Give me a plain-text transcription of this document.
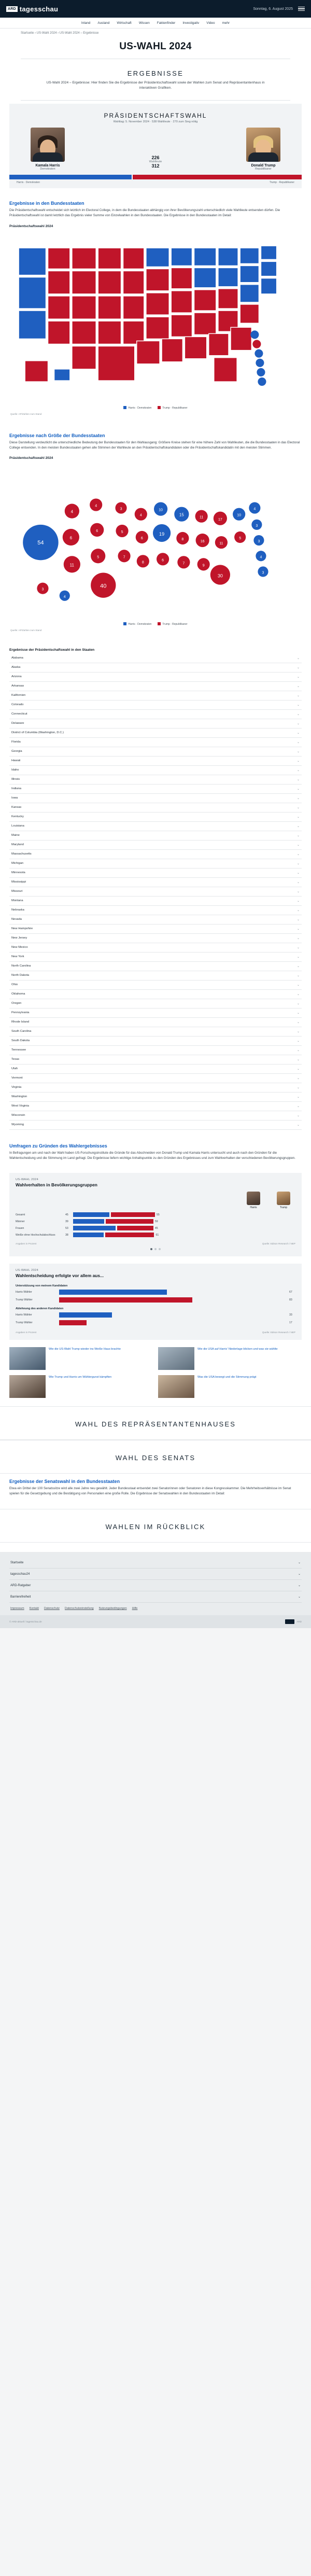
ARD tagesschau	Sonntag, 6. August 2025
Inland Ausland Wirtschaft Wissen Faktenfinder Investigativ Video mehr
Startseite › US-Wahl 2024 › US-Wahl 2024 – Ergebnisse
US-WAHL 2024
ERGEBNISSE
US-Wahl 2024 – Ergebnisse: Hier finden Sie die Ergebnisse der Präsidentschaftswahl sowie der Wahlen zum Senat und Repräsentantenhaus in interaktiven Grafiken.
PRÄSIDENTSCHAFTSWAHL
Wahltag: 5. November 2024 · 538 Wahlleute · 270 zum Sieg nötig
Kamala Harris
Demokraten
226
Wahlleute
312	Donald Trump
Republikaner
Harris · Demokraten	Trump · Republikaner
Ergebnisse in den Bundesstaaten
Die Präsidentschaftswahl entscheidet sich letztlich im Electoral College, in dem die Bundesstaaten abhängig von ihrer Bevölkerungszahl unterschiedlich viele Wahlleute entsenden dürfen. Die Präsidentschaftswahl ist damit letztlich das Ergebnis vieler Summe von Einzelwahlen in den Bundesstaaten. Die Ergebnisse in den Bundesstaaten im Detail:
Präsidentschaftswahl 2024
Harris · Demokraten	Trump · Republikaner
Quelle: AP/Zahlen zum Stand
Ergebnisse nach Größe der Bundesstaaten
Diese Darstellung verdeutlicht die unterschiedliche Bedeutung der Bundesstaaten für den Wahlausgang: Größere Kreise stehen für eine höhere Zahl von Wahlleuten, die die Bundesstaaten in das Electoral College entsenden. In den meisten Bundesstaaten gehen alle Stimmen der Wahlleute an den Präsidentschaftskandidaten oder die Präsidentschaftskandidatin mit den meisten Stimmen.
Präsidentschaftswahl 2024
54
4
6
11
4
6
5
40
3
5
7
4
6
8
10
19
6
15
8
7
11
16
9
17
11
30
10
5
4
3
3
4
3
3
4
Harris · Demokraten	Trump · Republikaner
Quelle: AP/Zahlen zum Stand
Ergebnisse der Präsidentschaftswahl in den Staaten
Alabama	⌄
Alaska	⌄
Arizona	⌄
Arkansas	⌄
Kalifornien	⌄
Colorado	⌄
Connecticut	⌄
Delaware	⌄
District of Columbia (Washington, D.C.)	⌄
Florida	⌄
Georgia	⌄
Hawaii	⌄
Idaho	⌄
Illinois	⌄
Indiana	⌄
Iowa	⌄
Kansas	⌄
Kentucky	⌄
Louisiana	⌄
Maine	⌄
Maryland	⌄
Massachusetts	⌄
Michigan	⌄
Minnesota	⌄
Mississippi	⌄
Missouri	⌄
Montana	⌄
Nebraska	⌄
Nevada	⌄
New Hampshire	⌄
New Jersey	⌄
New Mexico	⌄
New York	⌄
North Carolina	⌄
North Dakota	⌄
Ohio	⌄
Oklahoma	⌄
Oregon	⌄
Pennsylvania	⌄
Rhode Island	⌄
South Carolina	⌄
South Dakota	⌄
Tennessee	⌄
Texas	⌄
Utah	⌄
Vermont	⌄
Virginia	⌄
Washington	⌄
West Virginia	⌄
Wisconsin	⌄
Wyoming	⌄
Umfragen zu Gründen des Wahlergebnisses
In Befragungen am und nach der Wahl haben US-Forschungsinstitute die Gründe für das Abschneiden von Donald Trump und Kamala Harris untersucht und auch nach den Gründen für die Wahlentscheidung und die Stimmung im Land gefragt. Die Ergebnisse liefern wichtige Anhaltspunkte zu den Gründen des Ergebnisses und zum Wahlverhalten der verschiedenen Bevölkerungsgruppen.
US-WAHL 2024
Wahlverhalten in Bevölkerungsgruppen
Harris	Trump
Gesamt	45	55
Männer	39	59
Frauen	53	45
Weiße ohne Hochschulabschluss	38	61
Angaben in Prozent	Quelle: Edison Research / NEP
US-WAHL 2024
Wahlentscheidung erfolgte vor allem aus...
Unterstützung von meinem Kandidaten
Harris Wähler	67
Trump Wähler	83
Ablehnung des anderen Kandidaten
Harris Wähler	33
Trump Wähler	17
Angaben in Prozent	Quelle: Edison Research / NEP
Wie die US-Wahl Trump wieder ins Weiße Haus brachte	Wie die USA auf Harris' Niederlage blicken und was sie wählte
Wie Trump und Harris um Wählergunst kämpften	Was die USA bewegt und die Stimmung prägt
WAHL DES REPRÄSENTANTENHAUSES
WAHL DES SENATS
Ergebnisse der Senatswahl in den Bundesstaaten
Etwa ein Drittel der 100 Senatssitze wird alle zwei Jahre neu gewählt. Jeder Bundesstaat entsendet zwei Senatorinnen oder Senatoren in diese Kongresskammer. Die Mehrheitsverhältnisse im Senat spielen für die Gesetzgebung und die Bestätigung von Personalien eine große Rolle. Die Ergebnisse der Senatswahlen in den Bundesstaaten im Detail:
WAHLEN IM RÜCKBLICK
Startseite	⌄
tagesschau24	⌄
ARD-Ratgeber	⌄
Barrierefreiheit	⌄
Impressum Kontakt Datenschutz Datenschutzeinstellung Nutzungsbedingungen Hilfe
© ARD-aktuell / tagesschau.de	ARD
